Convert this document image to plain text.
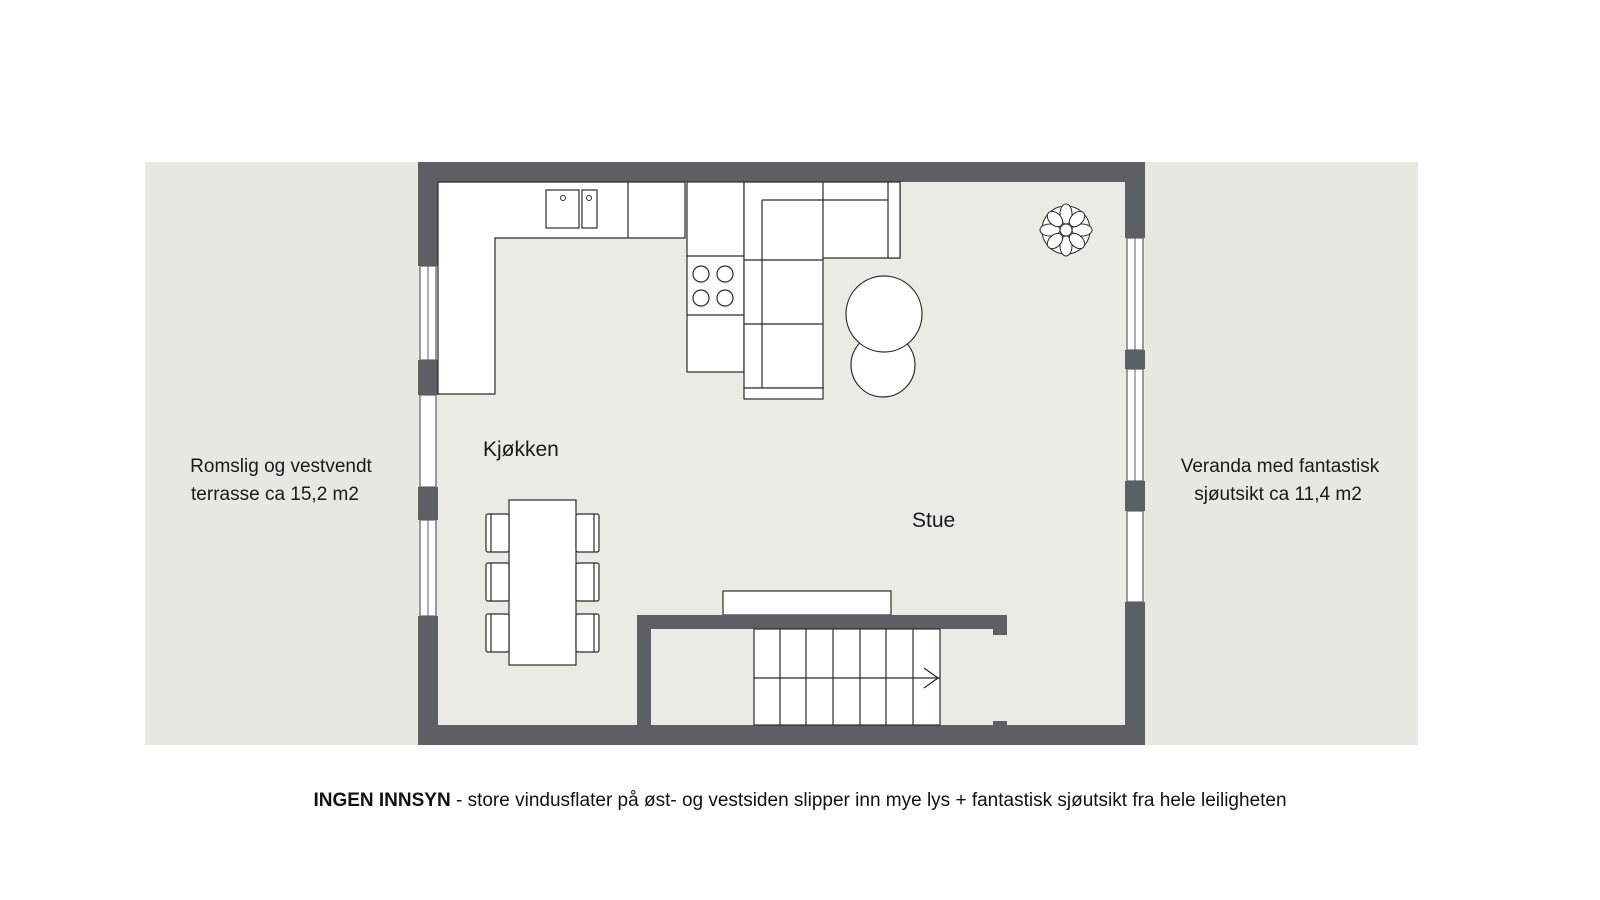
Kjøkken
Stue
Romslig og vestvendt
terrasse ca 15,2 m2
Veranda med fantastisk
sjøutsikt ca 11,4 m2
INGEN INNSYN - store vindusflater på øst- og vestsiden slipper inn mye lys + fantastisk sjøutsikt fra hele leiligheten
